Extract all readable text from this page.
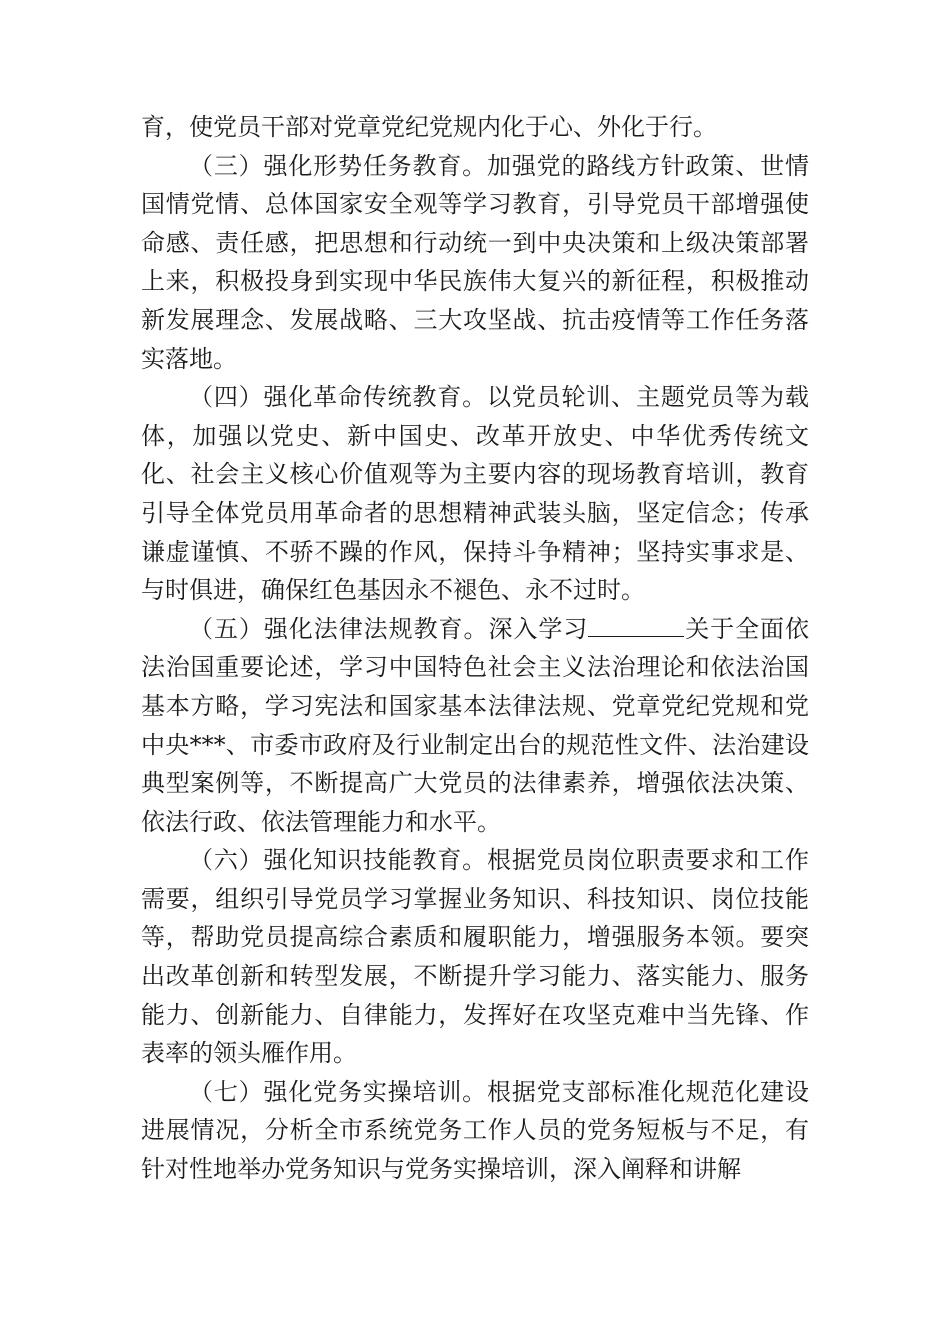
育，使党员干部对党章党纪党规内化于心、外化于行。

（三）强化形势任务教育。加强党的路线方针政策、世情国情党情、总体国家安全观等学习教育，引导党员干部增强使命感、责任感，把思想和行动统一到中央决策和上级决策部署上来，积极投身到实现中华民族伟大复兴的新征程，积极推动新发展理念、发展战略、三大攻坚战、抗击疫情等工作任务落实落地。

（四）强化革命传统教育。以党员轮训、主题党员等为载体，加强以党史、新中国史、改革开放史、中华优秀传统文化、社会主义核心价值观等为主要内容的现场教育培训，教育引导全体党员用革命者的思想精神武装头脑，坚定信念；传承谦虚谨慎、不骄不躁的作风，保持斗争精神；坚持实事求是、与时俱进，确保红色基因永不褪色、永不过时。

（五）强化法律法规教育。深入学习	关于全面依法治国重要论述，学习中国特色社会主义法治理论和依法治国基本方略，学习宪法和国家基本法律法规、党章党纪党规和党中央***、市委市政府及行业制定出台的规范性文件、法治建设典型案例等，不断提高广大党员的法律素养，增强依法决策、依法行政、依法管理能力和水平。

（六）强化知识技能教育。根据党员岗位职责要求和工作需要，组织引导党员学习掌握业务知识、科技知识、岗位技能等，帮助党员提高综合素质和履职能力，增强服务本领。要突出改革创新和转型发展，不断提升学习能力、落实能力、服务能力、创新能力、自律能力，发挥好在攻坚克难中当先锋、作表率的领头雁作用。

（七）强化党务实操培训。根据党支部标准化规范化建设进展情况，分析全市系统党务工作人员的党务短板与不足，有针对性地举办党务知识与党务实操培训，深入阐释和讲解
